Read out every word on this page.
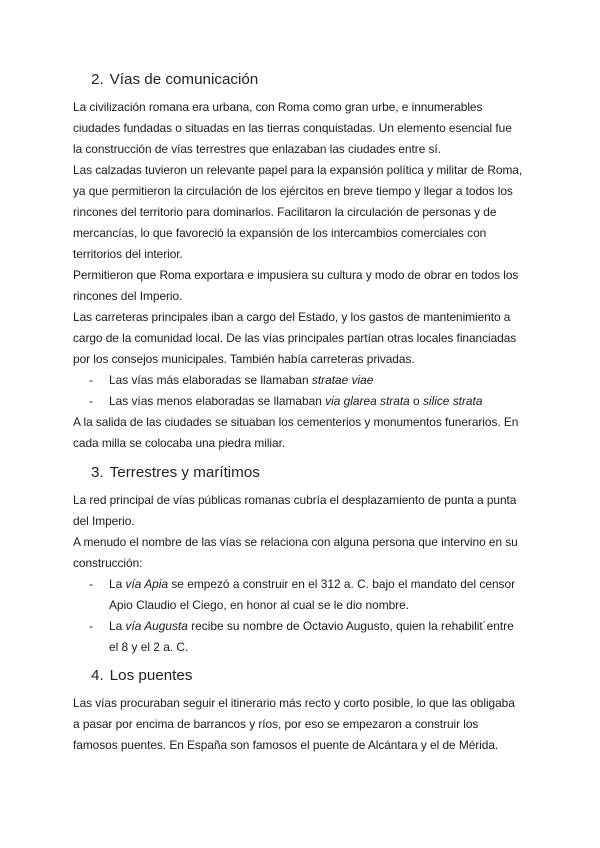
2. Vías de comunicación

La civilización romana era urbana, con Roma como gran urbe, e innumerables ciudades fundadas o situadas en las tierras conquistadas. Un elemento esencial fue la construcción de vías terrestres que enlazaban las ciudades entre sí.

Las calzadas tuvieron un relevante papel para la expansión política y militar de Roma, ya que permitieron la circulación de los ejércitos en breve tiempo y llegar a todos los rincones del territorio para dominarlos. Facilitaron la circulación de personas y de mercancías, lo que favoreció la expansión de los intercambios comerciales con territorios del interior.

Permitieron que Roma exportara e impusiera su cultura y modo de obrar en todos los rincones del Imperio.

Las carreteras principales iban a cargo del Estado, y los gastos de mantenimiento a cargo de la comunidad local. De las vías principales partían otras locales financiadas por los consejos municipales. También había carreteras privadas.

- Las vías más elaboradas se llamaban stratae viae
- Las vías menos elaboradas se llamaban via glarea strata o silice strata

A la salida de las ciudades se situaban los cementerios y monumentos funerarios. En cada milla se colocaba una piedra miliar.

3. Terrestres y marítimos

La red principal de vías públicas romanas cubría el desplazamiento de punta a punta del Imperio.

A menudo el nombre de las vías se relaciona con alguna persona que intervino en su construcción:

- La vía Apia se empezó a construir en el 312 a. C. bajo el mandato del censor Apio Claudio el Ciego, en honor al cual se le dio nombre.
- La vía Augusta recibe su nombre de Octavio Augusto, quien la rehabilit´entre el 8 y el 2 a. C.
4. Los puentes

Las vías procuraban seguir el itinerario más recto y corto posible, lo que las obligaba a pasar por encima de barrancos y ríos, por eso se empezaron a construir los famosos puentes. En España son famosos el puente de Alcántara y el de Mérida.
